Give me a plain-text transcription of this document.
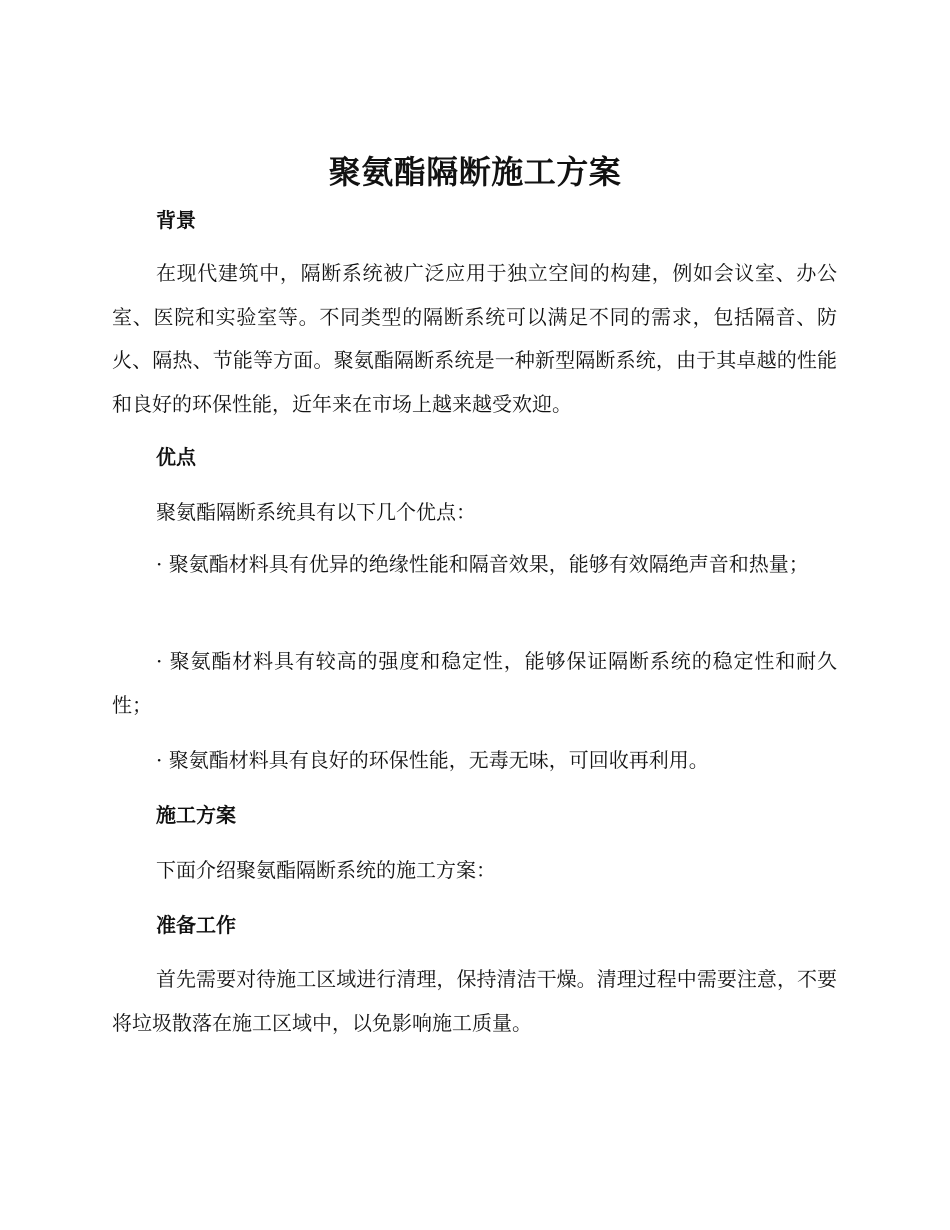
聚氨酯隔断施工方案
背景

在现代建筑中，隔断系统被广泛应用于独立空间的构建，例如会议室、办公室、医院和实验室等。不同类型的隔断系统可以满足不同的需求，包括隔音、防火、隔热、节能等方面。聚氨酯隔断系统是一种新型隔断系统，由于其卓越的性能和良好的环保性能，近年来在市场上越来越受欢迎。

优点

聚氨酯隔断系统具有以下几个优点：

· 聚氨酯材料具有优异的绝缘性能和隔音效果，能够有效隔绝声音和热量；

· 聚氨酯材料具有较高的强度和稳定性，能够保证隔断系统的稳定性和耐久性；

· 聚氨酯材料具有良好的环保性能，无毒无味，可回收再利用。

施工方案

下面介绍聚氨酯隔断系统的施工方案：

准备工作

首先需要对待施工区域进行清理，保持清洁干燥。清理过程中需要注意，不要将垃圾散落在施工区域中，以免影响施工质量。
